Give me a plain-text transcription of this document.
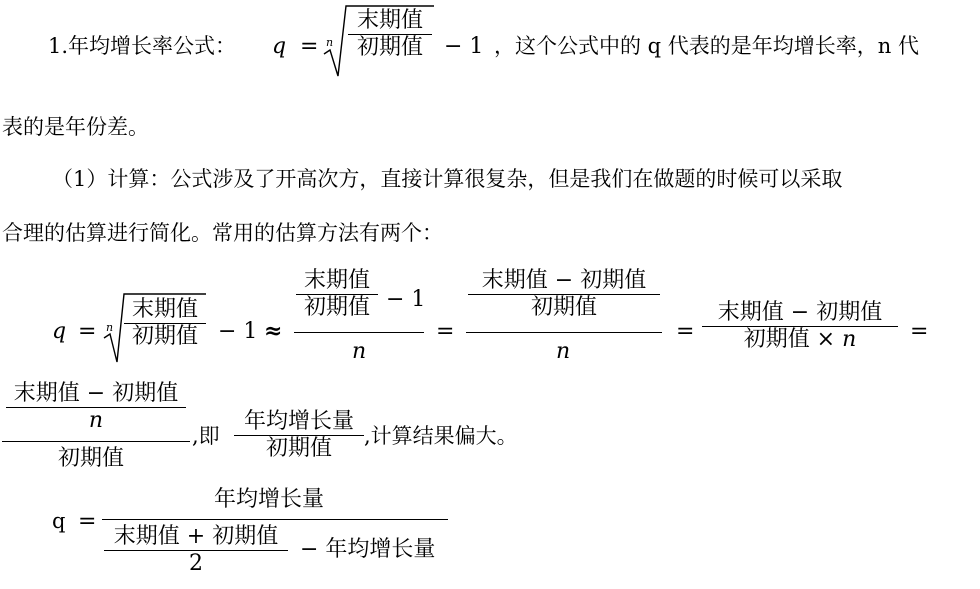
1.年均增长率公式： q = n
末期值
初期值 − 1 ，这个公式中的 q 代表的是年均增长率，n 代
表的是年份差。
（1）计算：公式涉及了开高次方，直接计算很复杂，但是我们在做题的时候可以采取
合理的估算进行简化。常用的估算方法有两个：
q = n
末期值
初期值 − 1 ≈
末期值
初期值 − 1
n
=
末期值 − 初期值
初期值
n
=
末期值 − 初期值
初期值 × n =
末期值 − 初期值
n
初期值
,即
年均增长量
初期值
,计算结果偏大。
q =
年均增长量
末期值 + 初期值
2
− 年均增长量
